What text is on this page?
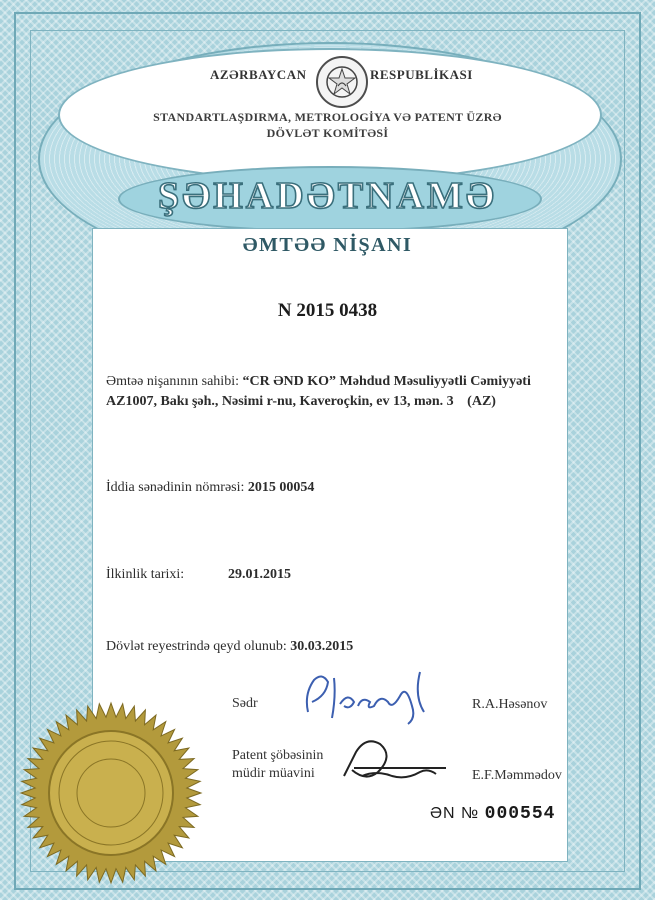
AZƏRBAYCAN	RESPUBLİKASI
STANDARTLAŞDIRMA, METROLOGİYA VƏ PATENT ÜZRƏ
DÖVLƏT KOMİTƏSİ
ŞƏHADƏTNAMƏ
ƏMTƏƏ NİŞANI
N 2015 0438
Əmtəə nişanının sahibi: “CR ƏND KO” Məhdud Məsuliyyətli Cəmiyyəti
AZ1007, Bakı şəh., Nəsimi r-nu, Kaveroçkin, ev 13, mən. 3 (AZ)
İddia sənədinin nömrəsi: 2015 00054
İlkinlik tarixi:	29.01.2015
Dövlət reyestrində qeyd olunub: 30.03.2015
Sədr	R.A.Həsənov
Patent şöbəsinin
müdir müavini	E.F.Məmmədov
ƏN № 000554
